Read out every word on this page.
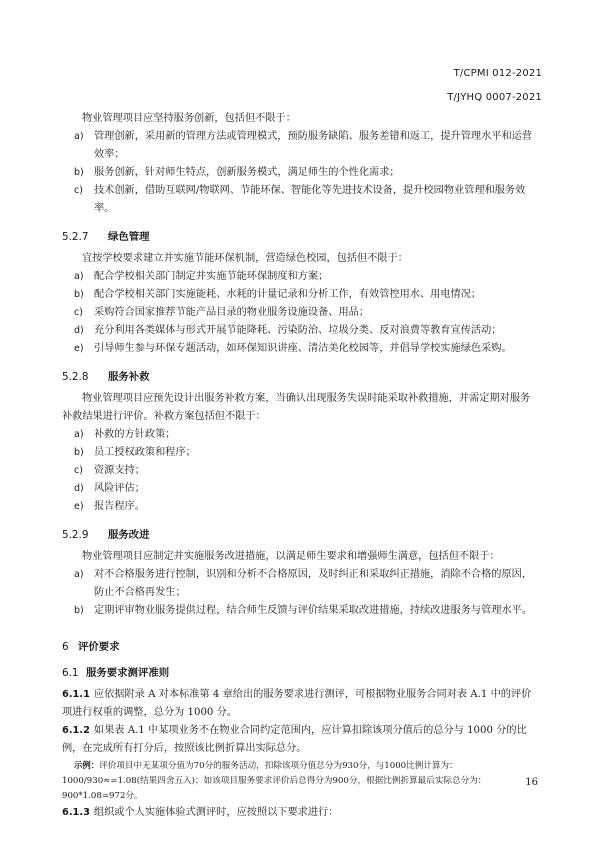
T/CPMI 012-2021
T/JYHQ 0007-2021

物业管理项目应坚持服务创新，包括但不限于：

a)	管理创新，采用新的管理方法或管理模式，预防服务缺陷、服务差错和返工，提升管理水平和运营效率；
b)	服务创新，针对师生特点，创新服务模式，满足师生的个性化需求；
c)	技术创新，借助互联网/物联网、节能环保、智能化等先进技术设备，提升校园物业管理和服务效率。
5.2.7	绿色管理

宜按学校要求建立并实施节能环保机制，营造绿色校园，包括但不限于：

a)	配合学校相关部门制定并实施节能环保制度和方案；
b)	配合学校相关部门实施能耗、水耗的计量记录和分析工作，有效管控用水、用电情况；
c)	采购符合国家推荐节能产品目录的物业服务设施设备、用品；
d)	充分利用各类媒体与形式开展节能降耗、污染防治、垃圾分类、反对浪费等教育宣传活动；
e)	引导师生参与环保专题活动，如环保知识讲座、清洁美化校园等，并倡导学校实施绿色采购。
5.2.8	服务补救

物业管理项目应预先设计出服务补救方案，当确认出现服务失误时能采取补救措施，并需定期对服务补救结果进行评价。补救方案包括但不限于：

a)	补救的方针政策；
b)	员工授权政策和程序；
c)	资源支持；
d)	风险评估；
e)	报告程序。
5.2.9	服务改进

物业管理项目应制定并实施服务改进措施，以满足师生要求和增强师生满意，包括但不限于：

a)	对不合格服务进行控制，识别和分析不合格原因，及时纠正和采取纠正措施，消除不合格的原因，防止不合格再发生；
b)	定期评审物业服务提供过程，结合师生反馈与评价结果采取改进措施，持续改进服务与管理水平。
6 评价要求
6.1 服务要求测评准则

6.1.1 应依据附录 A 对本标准第 4 章给出的服务要求进行测评，可根据物业服务合同对表 A.1 中的评价项进行权重的调整，总分为 1000 分。

6.1.2 如果表 A.1 中某项业务不在物业合同约定范围内，应计算扣除该项分值后的总分与 1000 分的比例，在完成所有打分后，按照该比例折算出实际总分。

示例：评价项目中无某项分值为70分的服务活动，扣除该项分值总分为930分，与1000比例计算为：1000/930≈=1.08(结果四舍五入)；如该项目服务要求评价后总得分为900分，根据比例折算最后实际总分为：900*1.08=972分。

6.1.3 组织或个人实施体验式测评时，应按照以下要求进行：

16
